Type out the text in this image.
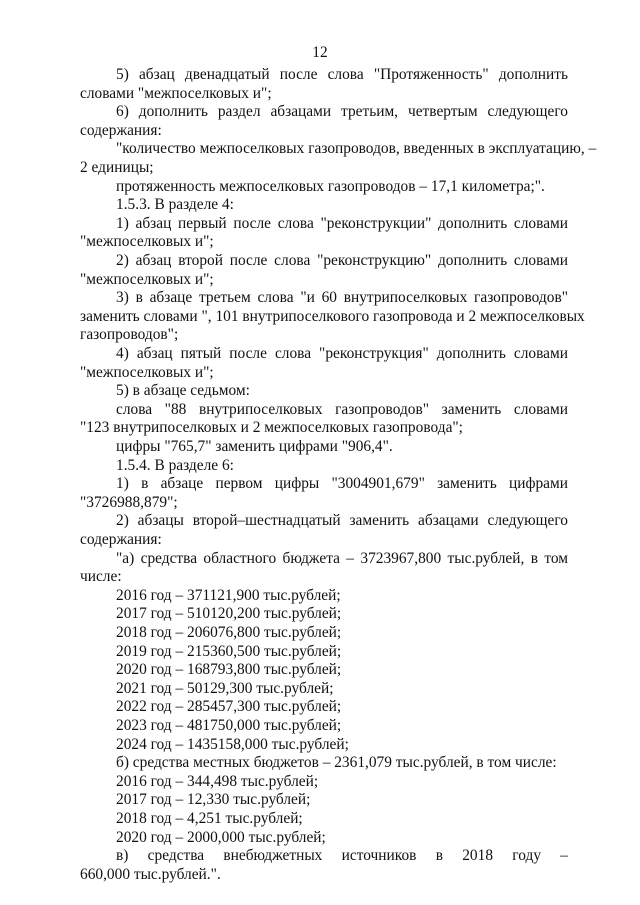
12
5) абзац двенадцатый после слова "Протяженность" дополнить
словами "межпоселковых и";
6) дополнить раздел абзацами третьим, четвертым следующего
содержания:
"количество межпоселковых газопроводов, введенных в эксплуатацию, –
2 единицы;
протяженность межпоселковых газопроводов – 17,1 километра;".
1.5.3. В разделе 4:
1) абзац первый после слова "реконструкции" дополнить словами
"межпоселковых и";
2) абзац второй после слова "реконструкцию" дополнить словами
"межпоселковых и";
3) в абзаце третьем слова "и 60 внутрипоселковых газопроводов"
заменить словами ", 101 внутрипоселкового газопровода и 2 межпоселковых
газопроводов";
4) абзац пятый после слова "реконструкция" дополнить словами
"межпоселковых и";
5) в абзаце седьмом:
слова "88 внутрипоселковых газопроводов" заменить словами
"123 внутрипоселковых и 2 межпоселковых газопровода";
цифры "765,7" заменить цифрами "906,4".
1.5.4. В разделе 6:
1) в абзаце первом цифры "3004901,679" заменить цифрами
"3726988,879";
2) абзацы второй–шестнадцатый заменить абзацами следующего
содержания:
"а) средства областного бюджета – 3723967,800 тыс.рублей, в том
числе:
2016 год – 371121,900 тыс.рублей;
2017 год – 510120,200 тыс.рублей;
2018 год – 206076,800 тыс.рублей;
2019 год – 215360,500 тыс.рублей;
2020 год – 168793,800 тыс.рублей;
2021 год – 50129,300 тыс.рублей;
2022 год – 285457,300 тыс.рублей;
2023 год – 481750,000 тыс.рублей;
2024 год – 1435158,000 тыс.рублей;
б) средства местных бюджетов – 2361,079 тыс.рублей, в том числе:
2016 год – 344,498 тыс.рублей;
2017 год – 12,330 тыс.рублей;
2018 год – 4,251 тыс.рублей;
2020 год – 2000,000 тыс.рублей;
в) средства внебюджетных источников в 2018 году –
660,000 тыс.рублей.".
